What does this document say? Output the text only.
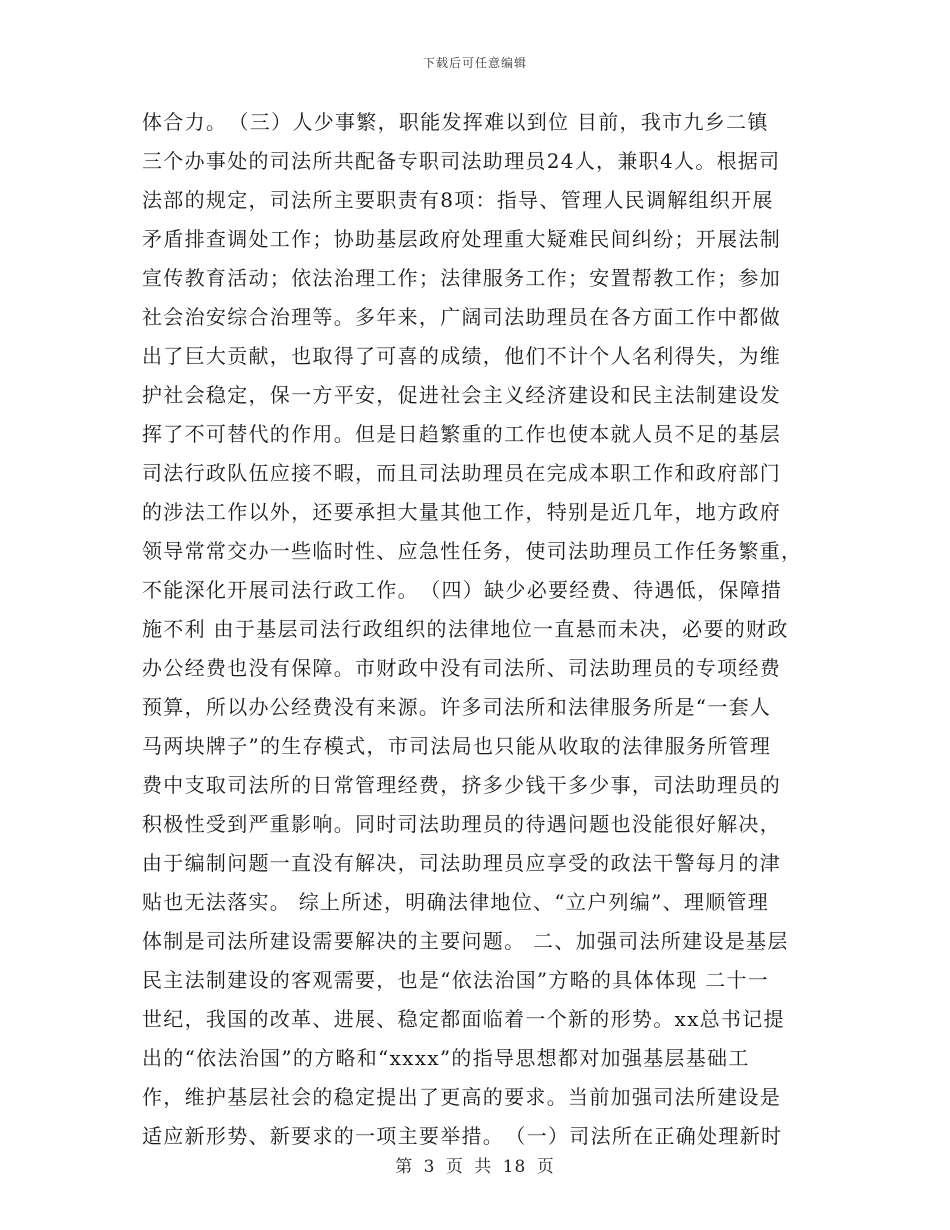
下载后可任意编辑
体合力。　（三）人少事繁，职能发挥难以到位 目前，我市九乡二镇
三个办事处的司法所共配备专职司法助理员24人，兼职4人。根据司
法部的规定，司法所主要职责有8项：指导、管理人民调解组织开展
矛盾排查调处工作；协助基层政府处理重大疑难民间纠纷；开展法制
宣传教育活动；依法治理工作；法律服务工作；安置帮教工作；参加
社会治安综合治理等。多年来，广阔司法助理员在各方面工作中都做
出了巨大贡献，也取得了可喜的成绩，他们不计个人名利得失，为维
护社会稳定，保一方平安，促进社会主义经济建设和民主法制建设发
挥了不可替代的作用。但是日趋繁重的工作也使本就人员不足的基层
司法行政队伍应接不暇，而且司法助理员在完成本职工作和政府部门
的涉法工作以外，还要承担大量其他工作，特别是近几年，地方政府
领导常常交办一些临时性、应急性任务，使司法助理员工作任务繁重，
不能深化开展司法行政工作。　（四）缺少必要经费、待遇低，保障措
施不利 由于基层司法行政组织的法律地位一直悬而未决，必要的财政
办公经费也没有保障。市财政中没有司法所、司法助理员的专项经费
预算，所以办公经费没有来源。许多司法所和法律服务所是“一套人
马两块牌子”的生存模式，市司法局也只能从收取的法律服务所管理
费中支取司法所的日常管理经费，挤多少钱干多少事，司法助理员的
积极性受到严重影响。同时司法助理员的待遇问题也没能很好解决，
由于编制问题一直没有解决，司法助理员应享受的政法干警每月的津
贴也无法落实。 综上所述，明确法律地位、“立户列编”、理顺管理
体制是司法所建设需要解决的主要问题。 二、加强司法所建设是基层
民主法制建设的客观需要，也是“依法治国”方略的具体体现 二十一
世纪，我国的改革、进展、稳定都面临着一个新的形势。xx总书记提
出的“依法治国”的方略和“xxxx”的指导思想都对加强基层基础工
作，维护基层社会的稳定提出了更高的要求。当前加强司法所建设是
适应新形势、新要求的一项主要举措。　（一）司法所在正确处理新时
第 3 页 共 18 页
